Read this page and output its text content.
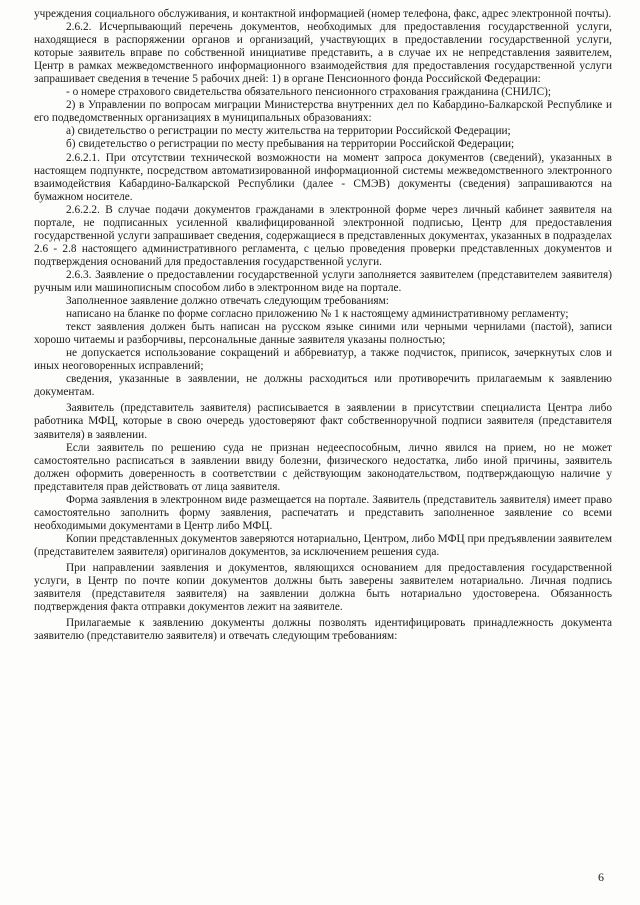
учреждения социального обслуживания, и контактной информацией (номер телефона, факс, адрес электронной почты).

2.6.2. Исчерпывающий перечень документов, необходимых для предоставления государственной услуги, находящиеся в распоряжении органов и организаций, участвующих в предоставлении государственной услуги, которые заявитель вправе по собственной инициативе представить, а в случае их не непредставления заявителем, Центр в рамках межведомственного информационного взаимодействия для предоставления государственной услуги запрашивает сведения в течение 5 рабочих дней: 1) в органе Пенсионного фонда Российской Федерации:

- о номере страхового свидетельства обязательного пенсионного страхования гражданина (СНИЛС);

2) в Управлении по вопросам миграции Министерства внутренних дел по Кабардино-Балкарской Республике и его подведомственных организациях в муниципальных образованиях:

а) свидетельство о регистрации по месту жительства на территории Российской Федерации;

б) свидетельство о регистрации по месту пребывания на территории Российской Федерации;

2.6.2.1. При отсутствии технической возможности на момент запроса документов (сведений), указанных в настоящем подпункте, посредством автоматизированной информационной системы межведомственного электронного взаимодействия Кабардино-Балкарской Республики (далее - СМЭВ) документы (сведения) запрашиваются на бумажном носителе.

2.6.2.2. В случае подачи документов гражданами в электронной форме через личный кабинет заявителя на портале, не подписанных усиленной квалифицированной электронной подписью, Центр для предоставления государственной услуги запрашивает сведения, содержащиеся в представленных документах, указанных в подразделах 2.6 - 2.8 настоящего административного регламента, с целью проведения проверки представленных документов и подтверждения оснований для предоставления государственной услуги.

2.6.3. Заявление о предоставлении государственной услуги заполняется заявителем (представителем заявителя) ручным или машинописным способом либо в электронном виде на портале.

Заполненное заявление должно отвечать следующим требованиям:

написано на бланке по форме согласно приложению № 1 к настоящему административному регламенту;

текст заявления должен быть написан на русском языке синими или черными чернилами (пастой), записи хорошо читаемы и разборчивы, персональные данные заявителя указаны полностью;

не допускается использование сокращений и аббревиатур, а также подчисток, приписок, зачеркнутых слов и иных неоговоренных исправлений;

сведения, указанные в заявлении, не должны расходиться или противоречить прилагаемым к заявлению документам.

Заявитель (представитель заявителя) расписывается в заявлении в присутствии специалиста Центра либо работника МФЦ, которые в свою очередь удостоверяют факт собственноручной подписи заявителя (представителя заявителя) в заявлении.

Если заявитель по решению суда не признан недееспособным, лично явился на прием, но не может самостоятельно расписаться в заявлении ввиду болезни, физического недостатка, либо иной причины, заявитель должен оформить доверенность в соответствии с действующим законодательством, подтверждающую наличие у представителя прав действовать от лица заявителя.

Форма заявления в электронном виде размещается на портале. Заявитель (представитель заявителя) имеет право самостоятельно заполнить форму заявления, распечатать и представить заполненное заявление со всеми необходимыми документами в Центр либо МФЦ.

Копии представленных документов заверяются нотариально, Центром, либо МФЦ при предъявлении заявителем (представителем заявителя) оригиналов документов, за исключением решения суда.

При направлении заявления и документов, являющихся основанием для предоставления государственной услуги, в Центр по почте копии документов должны быть заверены заявителем нотариально. Личная подпись заявителя (представителя заявителя) на заявлении должна быть нотариально удостоверена. Обязанность подтверждения факта отправки документов лежит на заявителе.

Прилагаемые к заявлению документы должны позволять идентифицировать принадлежность документа заявителю (представителю заявителя) и отвечать следующим требованиям:

6
